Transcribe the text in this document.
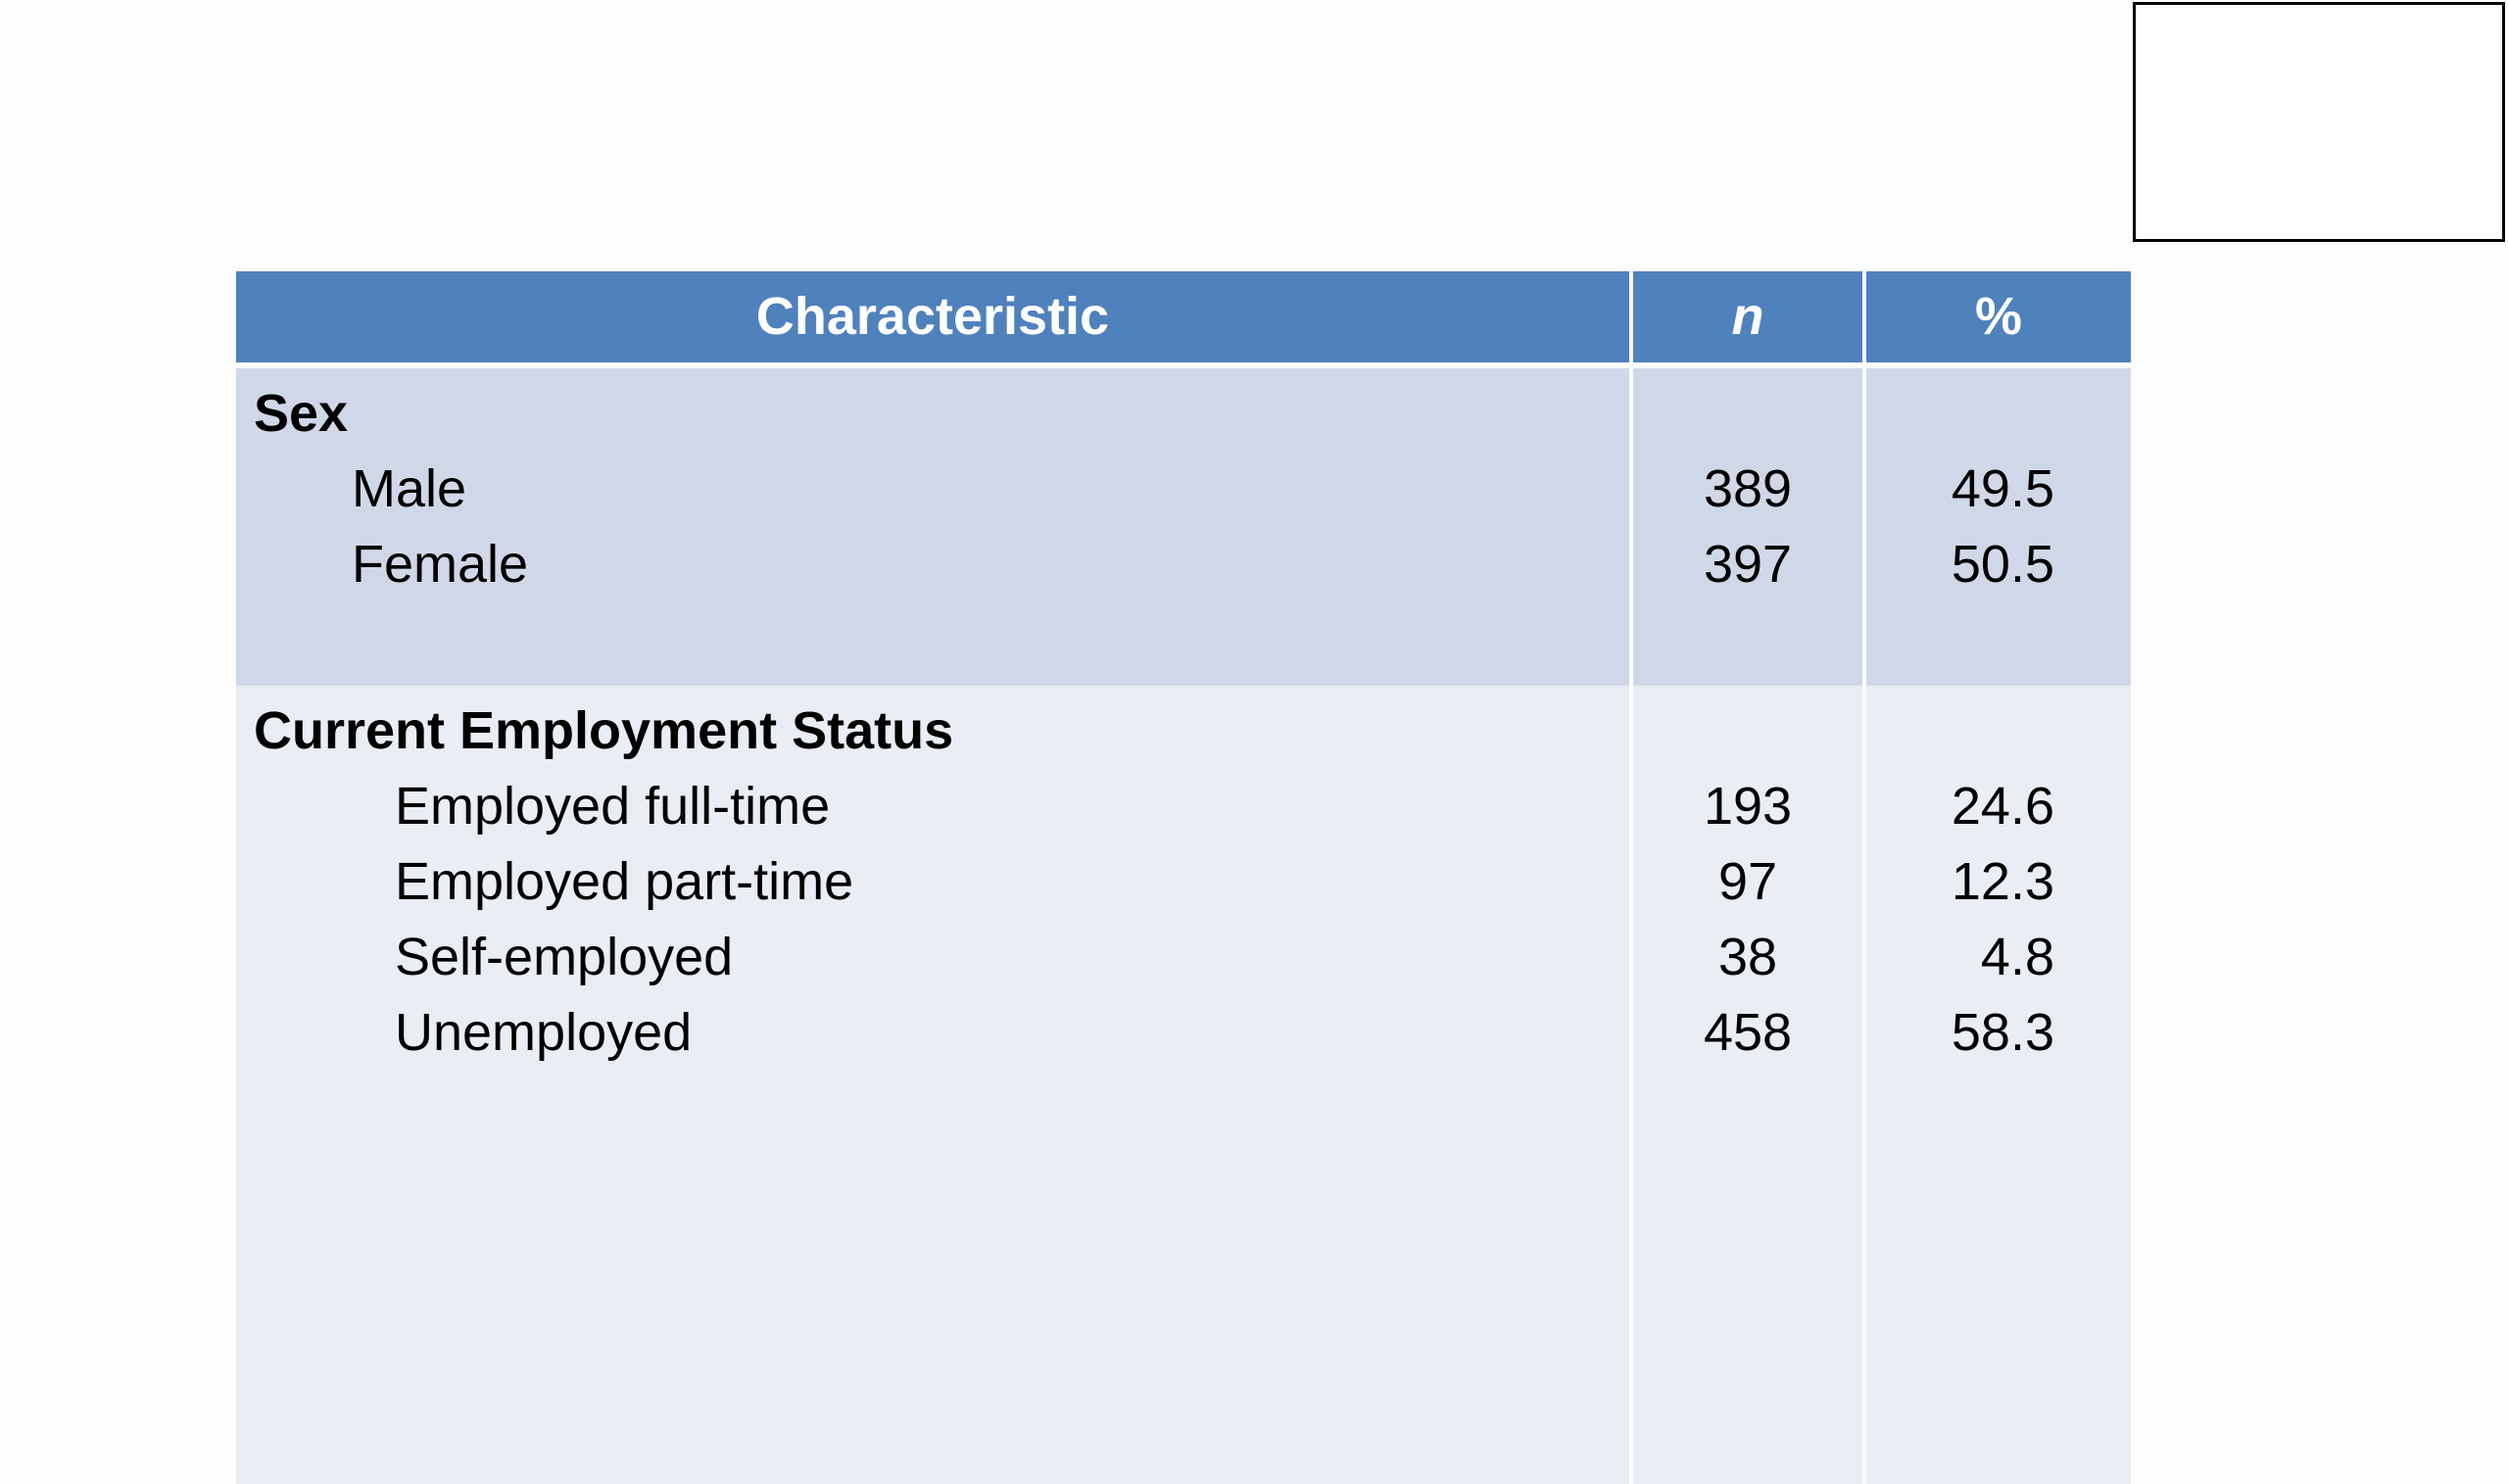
Characteristic	n	%
Sex
Male
Female
389
397
49.5
50.5
Current Employment Status
Employed full-time
Employed part-time
Self-employed
Unemployed
193
97
38
458
24.6
12.3
4.8
58.3
